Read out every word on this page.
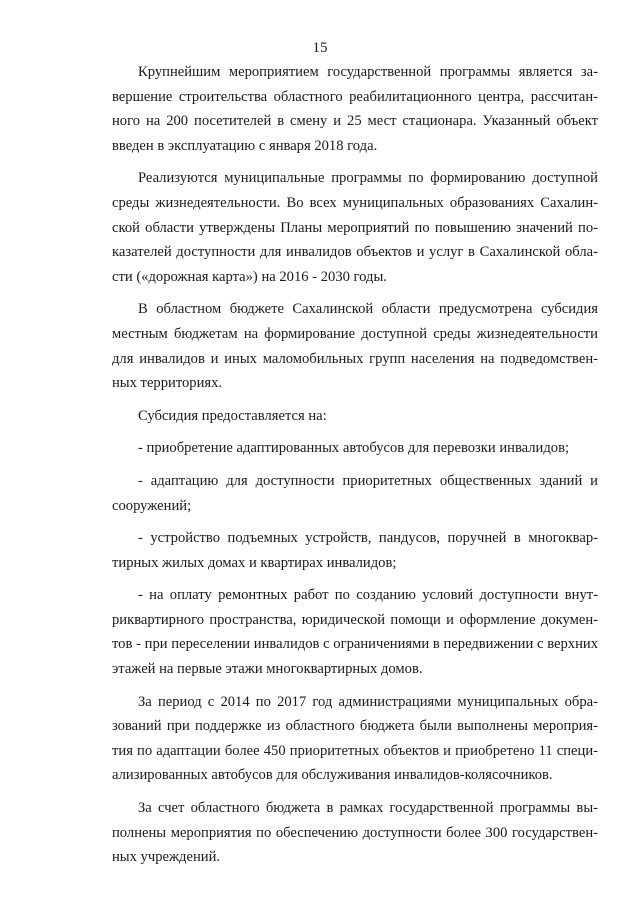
15

Крупнейшим мероприятием государственной программы является за-
вершение строительства областного реабилитационного центра, рассчитан-
ного на 200 посетителей в смену и 25 мест стационара. Указанный объект
введен в эксплуатацию с января 2018 года.

Реализуются муниципальные программы по формированию доступной
среды жизнедеятельности. Во всех муниципальных образованиях Сахалин-
ской области утверждены Планы мероприятий по повышению значений по-
казателей доступности для инвалидов объектов и услуг в Сахалинской обла-
сти («дорожная карта») на 2016 - 2030 годы.

В областном бюджете Сахалинской области предусмотрена субсидия
местным бюджетам на формирование доступной среды жизнедеятельности
для инвалидов и иных маломобильных групп населения на подведомствен-
ных территориях.

Субсидия предоставляется на:

- приобретение адаптированных автобусов для перевозки инвалидов;

- адаптацию для доступности приоритетных общественных зданий и
сооружений;

- устройство подъемных устройств, пандусов, поручней в многоквар-
тирных жилых домах и квартирах инвалидов;

- на оплату ремонтных работ по созданию условий доступности внут-
риквартирного пространства, юридической помощи и оформление докумен-
тов - при переселении инвалидов с ограничениями в передвижении с верхних
этажей на первые этажи многоквартирных домов.

За период с 2014 по 2017 год администрациями муниципальных обра-
зований при поддержке из областного бюджета были выполнены мероприя-
тия по адаптации более 450 приоритетных объектов и приобретено 11 специ-
ализированных автобусов для обслуживания инвалидов-колясочников.

За счет областного бюджета в рамках государственной программы вы-
полнены мероприятия по обеспечению доступности более 300 государствен-
ных учреждений.
